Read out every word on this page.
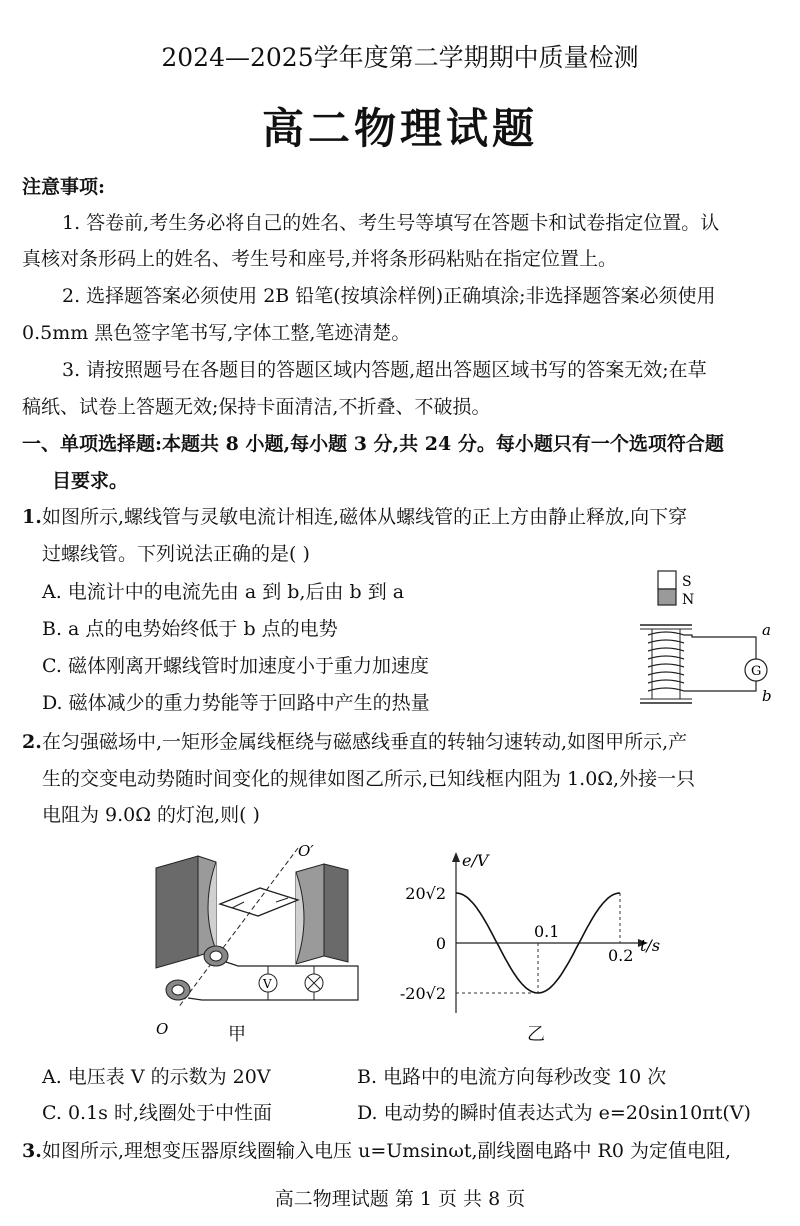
2024—2025学年度第二学期期中质量检测
高二物理试题
注意事项:
1. 答卷前,考生务必将自己的姓名、考生号等填写在答题卡和试卷指定位置。认
真核对条形码上的姓名、考生号和座号,并将条形码粘贴在指定位置上。
2. 选择题答案必须使用 2B 铅笔(按填涂样例)正确填涂;非选择题答案必须使用
0.5mm 黑色签字笔书写,字体工整,笔迹清楚。
3. 请按照题号在各题目的答题区域内答题,超出答题区域书写的答案无效;在草
稿纸、试卷上答题无效;保持卡面清洁,不折叠、不破损。
一、单项选择题:本题共 8 小题,每小题 3 分,共 24 分。每小题只有一个选项符合题
目要求。
1. 如图所示,螺线管与灵敏电流计相连,磁体从螺线管的正上方由静止释放,向下穿
过螺线管。下列说法正确的是( )
A. 电流计中的电流先由 a 到 b,后由 b 到 a
B. a 点的电势始终低于 b 点的电势
C. 磁体刚离开螺线管时加速度小于重力加速度
D. 磁体减少的重力势能等于回路中产生的热量
S
N
G
a
b
2. 在匀强磁场中,一矩形金属线框绕与磁感线垂直的转轴匀速转动,如图甲所示,产
生的交变电动势随时间变化的规律如图乙所示,已知线框内阻为 1.0Ω,外接一只
电阻为 9.0Ω 的灯泡,则( )
O′
O
V
甲
e/V
t/s
20√2
0
-20√2
0.1
0.2
乙
A. 电压表 V 的示数为 20V	B. 电路中的电流方向每秒改变 10 次
C. 0.1s 时,线圈处于中性面	D. 电动势的瞬时值表达式为 e=20sin10πt(V)
3. 如图所示,理想变压器原线圈输入电压 u=Umsinωt,副线圈电路中 R0 为定值电阻,
高二物理试题 第 1 页 共 8 页
